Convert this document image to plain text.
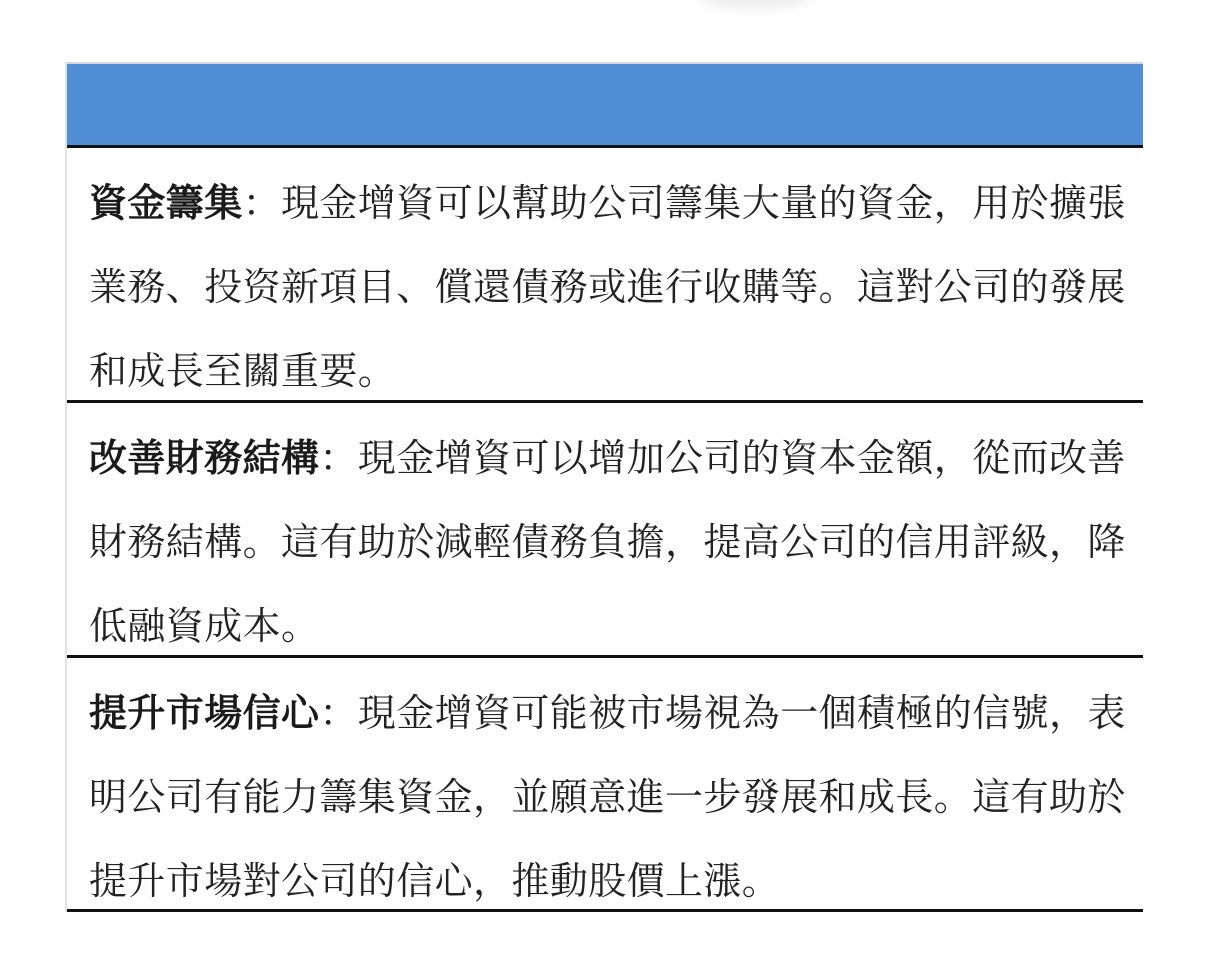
資金籌集：現金增資可以幫助公司籌集大量的資金，用於擴張業務、投资新項目、償還債務或進行收購等。這對公司的發展和成長至關重要。

改善財務結構：現金增資可以增加公司的資本金額，從而改善財務結構。這有助於減輕債務負擔，提高公司的信用評級，降低融資成本。

提升市場信心：現金增資可能被市場視為一個積極的信號，表明公司有能力籌集資金，並願意進一步發展和成長。這有助於提升市場對公司的信心，推動股價上漲。
